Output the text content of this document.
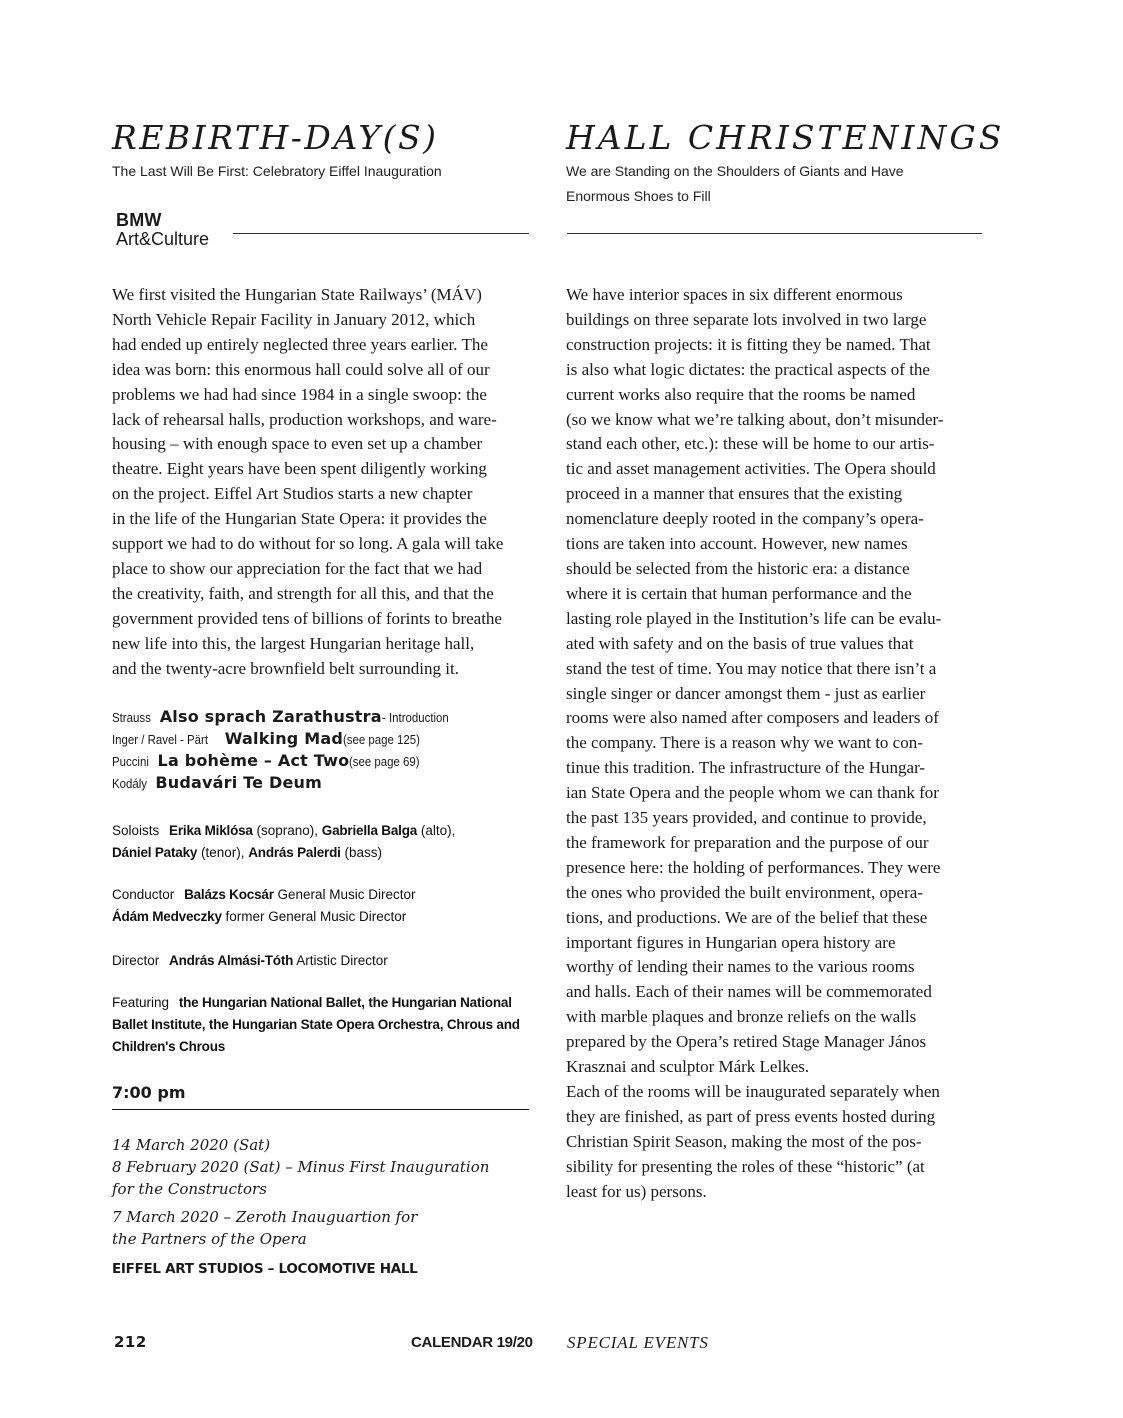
REBIRTH-DAY(S)

The Last Will Be First: Celebratory Eiffel Inauguration

BMW
Art&Culture
We first visited the Hungarian State Railways’ (MÁV)
North Vehicle Repair Facility in January 2012, which
had ended up entirely neglected three years earlier. The
idea was born: this enormous hall could solve all of our
problems we had had since 1984 in a single swoop: the
lack of rehearsal halls, production workshops, and ware-
housing – with enough space to even set up a chamber
theatre. Eight years have been spent diligently working
on the project. Eiffel Art Studios starts a new chapter
in the life of the Hungarian State Opera: it provides the
support we had to do without for so long. A gala will take
place to show our appreciation for the fact that we had
the creativity, faith, and strength for all this, and that the
government provided tens of billions of forints to breathe
new life into this, the largest Hungarian heritage hall,
and the twenty-acre brownfield belt surrounding it.
Strauss Also sprach Zarathustra- Introduction
Inger / Ravel - Pärt Walking Mad(see page 125)
Puccini La bohème – Act Two(see page 69)
Kodály Budavári Te Deum
Soloists Erika Miklósa (soprano), Gabriella Balga (alto),
Dániel Pataky (tenor), András Palerdi (bass)
Conductor Balázs Kocsár General Music Director
Ádám Medveczky former General Music Director
Director András Almási-Tóth Artistic Director
Featuring the Hungarian National Ballet, the Hungarian National Ballet Institute, the Hungarian State Opera Orchestra, Chrous and Children's Chrous
7:00 pm
14 March 2020 (Sat)
8 February 2020 (Sat) – Minus First Inauguration
for the Constructors
7 March 2020 – Zeroth Inauguartion for
the Partners of the Opera
EIFFEL ART STUDIOS – LOCOMOTIVE HALL
HALL CHRISTENINGS

We are Standing on the Shoulders of Giants and Have
Enormous Shoes to Fill

We have interior spaces in six different enormous
buildings on three separate lots involved in two large
construction projects: it is fitting they be named. That
is also what logic dictates: the practical aspects of the
current works also require that the rooms be named
(so we know what we’re talking about, don’t misunder-
stand each other, etc.): these will be home to our artis-
tic and asset management activities. The Opera should
proceed in a manner that ensures that the existing
nomenclature deeply rooted in the company’s opera-
tions are taken into account. However, new names
should be selected from the historic era: a distance
where it is certain that human performance and the
lasting role played in the Institution’s life can be evalu-
ated with safety and on the basis of true values that
stand the test of time. You may notice that there isn’t a
single singer or dancer amongst them - just as earlier
rooms were also named after composers and leaders of
the company. There is a reason why we want to con-
tinue this tradition. The infrastructure of the Hungar-
ian State Opera and the people whom we can thank for
the past 135 years provided, and continue to provide,
the framework for preparation and the purpose of our
presence here: the holding of performances. They were
the ones who provided the built environment, opera-
tions, and productions. We are of the belief that these
important figures in Hungarian opera history are
worthy of lending their names to the various rooms
and halls. Each of their names will be commemorated
with marble plaques and bronze reliefs on the walls
prepared by the Opera’s retired Stage Manager János
Krasznai and sculptor Márk Lelkes.
Each of the rooms will be inaugurated separately when
they are finished, as part of press events hosted during
Christian Spirit Season, making the most of the pos-
sibility for presenting the roles of these “historic” (at
least for us) persons.
212	CALENDAR 19/20 SPECIAL EVENTS
